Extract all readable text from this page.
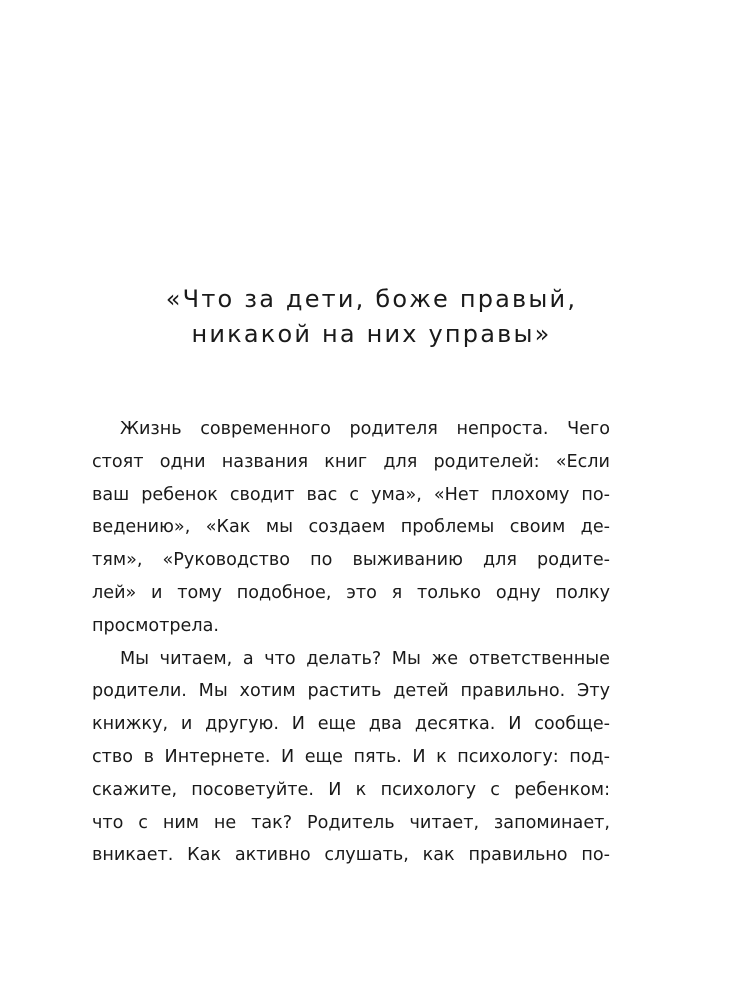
«Что за дети, боже правый,
никакой на них управы»
Жизнь современного родителя непроста. Чего
стоят одни названия книг для родителей: «Если
ваш ребенок сводит вас с ума», «Нет плохому по-
ведению», «Как мы создаем проблемы своим де-
тям», «Руководство по выживанию для родите-
лей» и тому подобное, это я только одну полку
просмотрела.
Мы читаем, а что делать? Мы же ответственные
родители. Мы хотим растить детей правильно. Эту
книжку, и другую. И еще два десятка. И сообще-
ство в Интернете. И еще пять. И к психологу: под-
скажите, посоветуйте. И к психологу с ребенком:
что с ним не так? Родитель читает, запоминает,
вникает. Как активно слушать, как правильно по-
